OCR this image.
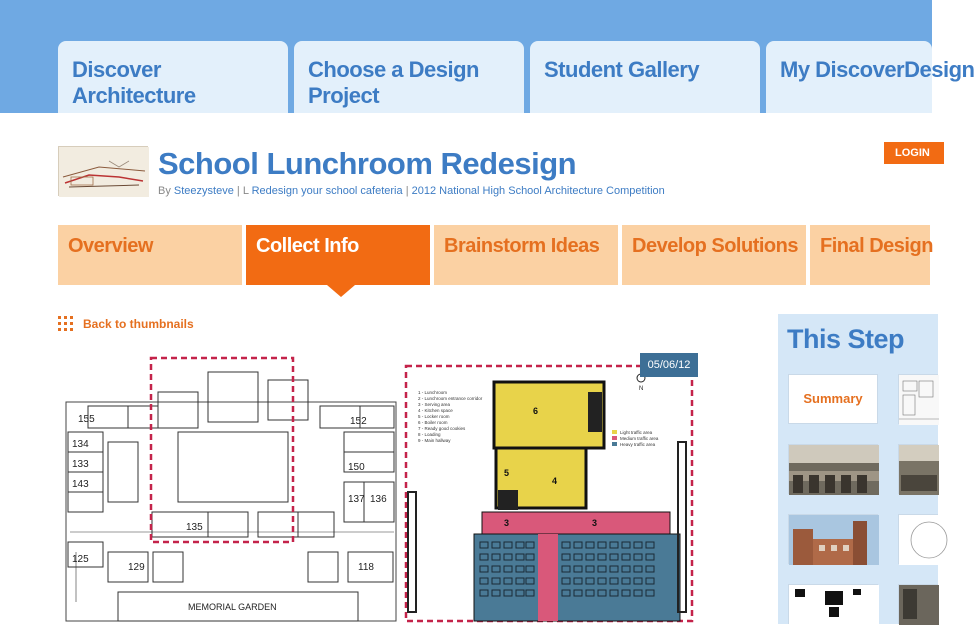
Discover Architecture
Choose a Design Project
Student Gallery	My DiscoverDesign
School Lunchroom Redesign
By Steezysteve | L Redesign your school cafeteria | 2012 National High School Architecture Competition
LOGIN
Overview	Collect Info	Brainstorm Ideas	Develop Solutions	Final Design
Back to thumbnails
155	152
150
135
133
137 136
134
143
125
129	118
MEMORIAL GARDEN
N
6
5
4
3	3
1 - Lunchroom
2 - Lunchroom entrance corridor
3 - Serving area
4 - Kitchen space
5 - Locker room
6 - Boiler room
7 - Ready good cookies
8 - Loading
9 - Main hallway
Light traffic area
Medium traffic area
Heavy traffic area
05/06/12
This Step
Summary
